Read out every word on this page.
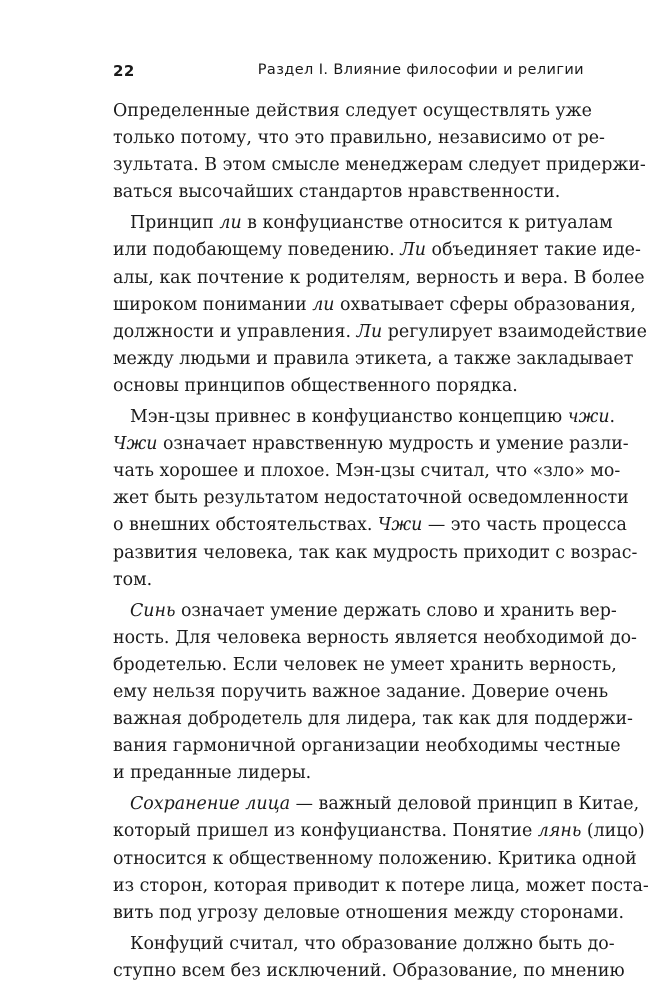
22	Раздел I. Влияние философии и религии
Определенные действия следует осуществлять уже
только потому, что это правильно, независимо от ре-
зультата. В этом смысле менеджерам следует придержи-
ваться высочайших стандартов нравственности.
Принцип ли в конфуцианстве относится к ритуалам
или подобающему поведению. Ли объединяет такие иде-
алы, как почтение к родителям, верность и вера. В более
широком понимании ли охватывает сферы образования,
должности и управления. Ли регулирует взаимодействие
между людьми и правила этикета, а также закладывает
основы принципов общественного порядка.
Мэн-цзы привнес в конфуцианство концепцию чжи.
Чжи означает нравственную мудрость и умение разли-
чать хорошее и плохое. Мэн-цзы считал, что «зло» мо-
жет быть результатом недостаточной осведомленности
о внешних обстоятельствах. Чжи — это часть процесса
развития человека, так как мудрость приходит с возрас-
том.
Синь означает умение держать слово и хранить вер-
ность. Для человека верность является необходимой до-
бродетелью. Если человек не умеет хранить верность,
ему нельзя поручить важное задание. Доверие очень
важная добродетель для лидера, так как для поддержи-
вания гармоничной организации необходимы честные
и преданные лидеры.
Сохранение лица — важный деловой принцип в Китае,
который пришел из конфуцианства. Понятие лянь (лицо)
относится к общественному положению. Критика одной
из сторон, которая приводит к потере лица, может поста-
вить под угрозу деловые отношения между сторонами.
Конфуций считал, что образование должно быть до-
ступно всем без исключений. Образование, по мнению
